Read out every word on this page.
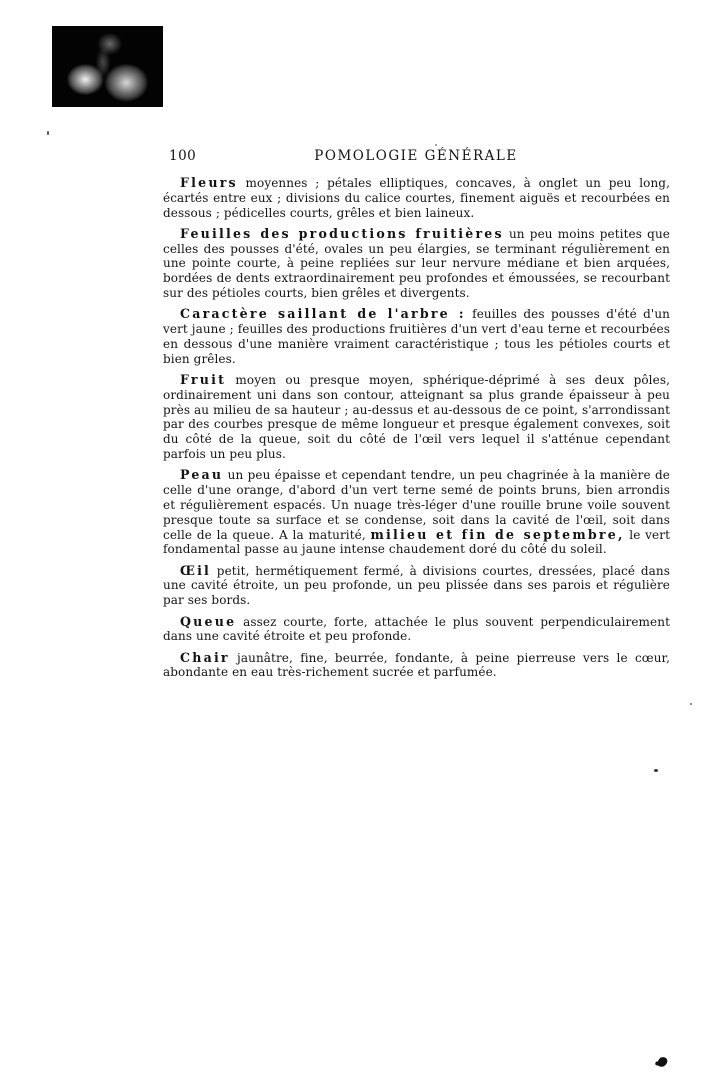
100	POMOLOGIE GÉNÉRALE

Fleurs moyennes ; pétales elliptiques, concaves, à onglet un peu long, écartés entre eux ; divisions du calice courtes, finement aiguës et recourbées en dessous ; pédicelles courts, grêles et bien laineux.

Feuilles des productions fruitières un peu moins petites que celles des pousses d'été, ovales un peu élargies, se terminant régulièrement en une pointe courte, à peine repliées sur leur nervure médiane et bien arquées, bordées de dents extraordinairement peu profondes et émoussées, se recourbant sur des pétioles courts, bien grêles et divergents.

Caractère saillant de l'arbre : feuilles des pousses d'été d'un vert jaune ; feuilles des productions fruitières d'un vert d'eau terne et recourbées en dessous d'une manière vraiment caractéristique ; tous les pétioles courts et bien grêles.

Fruit moyen ou presque moyen, sphérique-déprimé à ses deux pôles, ordinairement uni dans son contour, atteignant sa plus grande épaisseur à peu près au milieu de sa hauteur ; au-dessus et au-dessous de ce point, s'arrondissant par des courbes presque de même longueur et presque également convexes, soit du côté de la queue, soit du côté de l'œil vers lequel il s'atténue cependant parfois un peu plus.

Peau un peu épaisse et cependant tendre, un peu chagrinée à la manière de celle d'une orange, d'abord d'un vert terne semé de points bruns, bien arrondis et régulièrement espacés. Un nuage très-léger d'une rouille brune voile souvent presque toute sa surface et se condense, soit dans la cavité de l'œil, soit dans celle de la queue. A la maturité, milieu et fin de septembre, le vert fondamental passe au jaune intense chaudement doré du côté du soleil.

Œil petit, hermétiquement fermé, à divisions courtes, dressées, placé dans une cavité étroite, un peu profonde, un peu plissée dans ses parois et régulière par ses bords.

Queue assez courte, forte, attachée le plus souvent perpendiculairement dans une cavité étroite et peu profonde.

Chair jaunâtre, fine, beurrée, fondante, à peine pierreuse vers le cœur, abondante en eau très-richement sucrée et parfumée.
